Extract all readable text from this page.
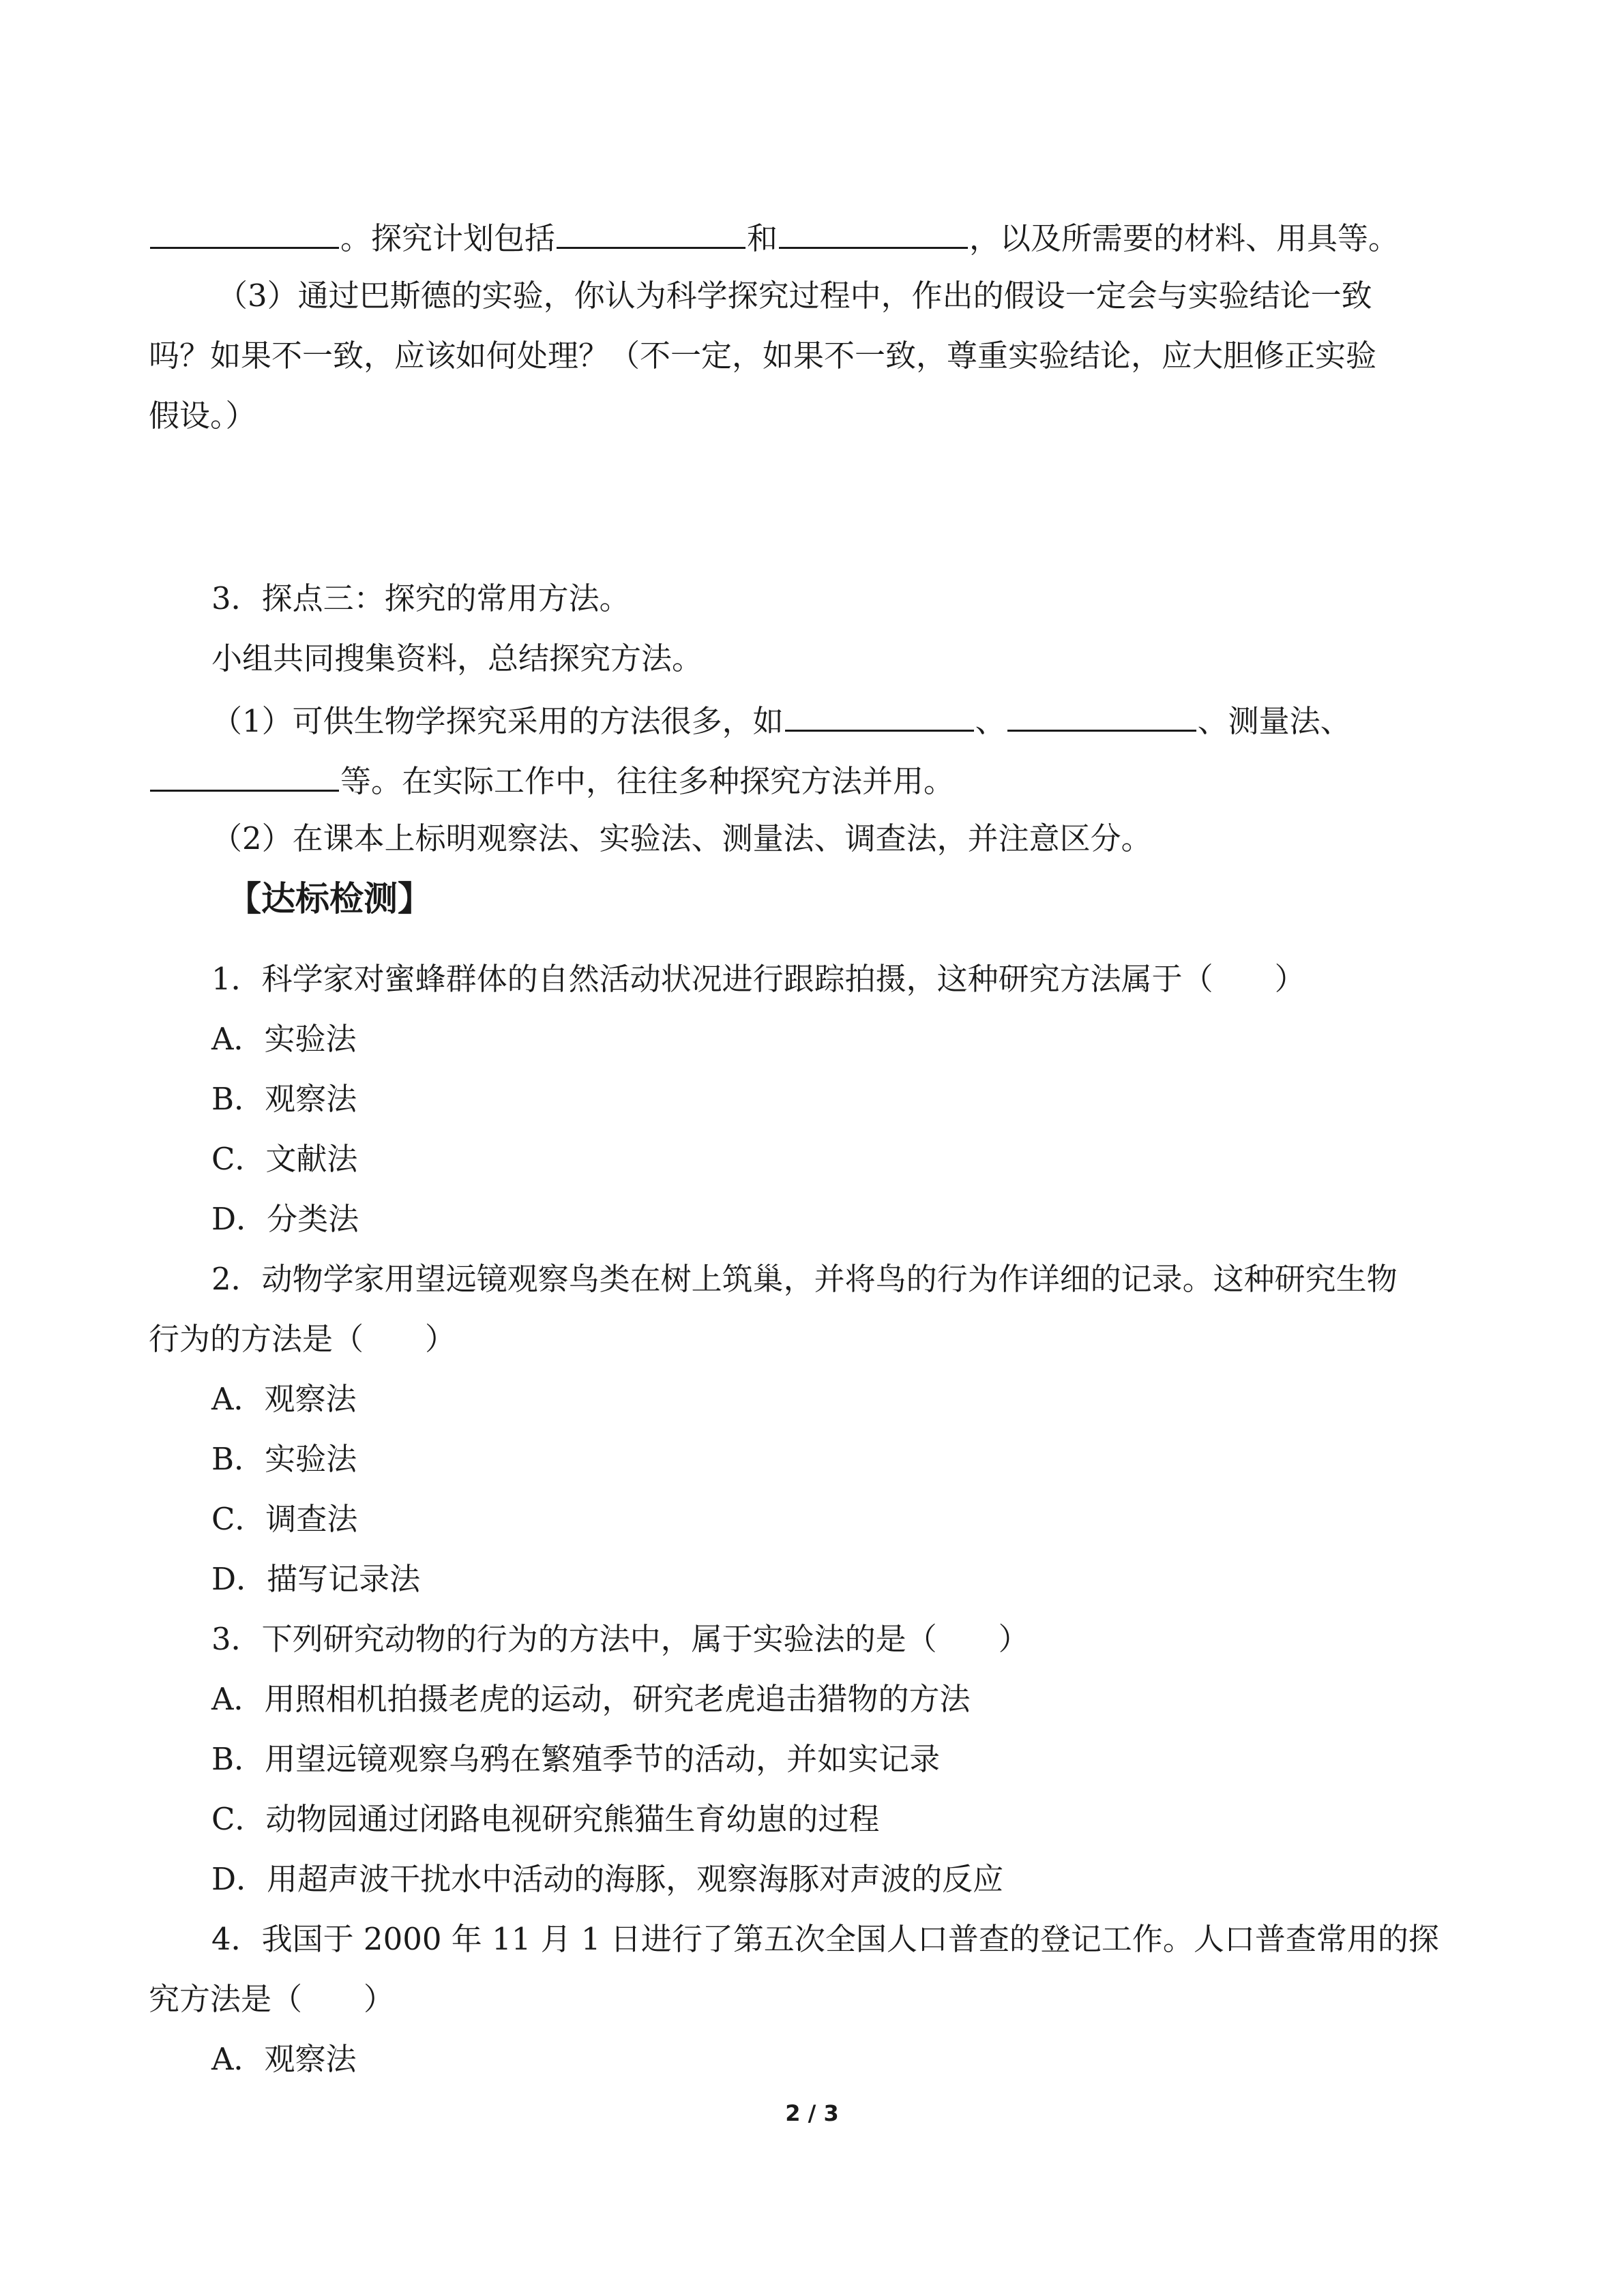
。探究计划包括	和	，以及所需要的材料、用具等。
（3）通过巴斯德的实验，你认为科学探究过程中，作出的假设一定会与实验结论一致
吗？如果不一致，应该如何处理？（不一定，如果不一致，尊重实验结论，应大胆修正实验
假设。）
3．探点三：探究的常用方法。
小组共同搜集资料，总结探究方法。
（1）可供生物学探究采用的方法很多，如	、	、测量法、
等。在实际工作中，往往多种探究方法并用。
（2）在课本上标明观察法、实验法、测量法、调查法，并注意区分。
【达标检测】
1．科学家对蜜蜂群体的自然活动状况进行跟踪拍摄，这种研究方法属于（　　）
A．实验法
B．观察法
C．文献法
D．分类法
2．动物学家用望远镜观察鸟类在树上筑巢，并将鸟的行为作详细的记录。这种研究生物
行为的方法是（　　）
A．观察法
B．实验法
C．调查法
D．描写记录法
3．下列研究动物的行为的方法中，属于实验法的是（　　）
A．用照相机拍摄老虎的运动，研究老虎追击猎物的方法
B．用望远镜观察乌鸦在繁殖季节的活动，并如实记录
C．动物园通过闭路电视研究熊猫生育幼崽的过程
D．用超声波干扰水中活动的海豚，观察海豚对声波的反应
4．我国于 2000 年 11 月 1 日进行了第五次全国人口普查的登记工作。人口普查常用的探
究方法是（　　）
A．观察法
2 / 3
